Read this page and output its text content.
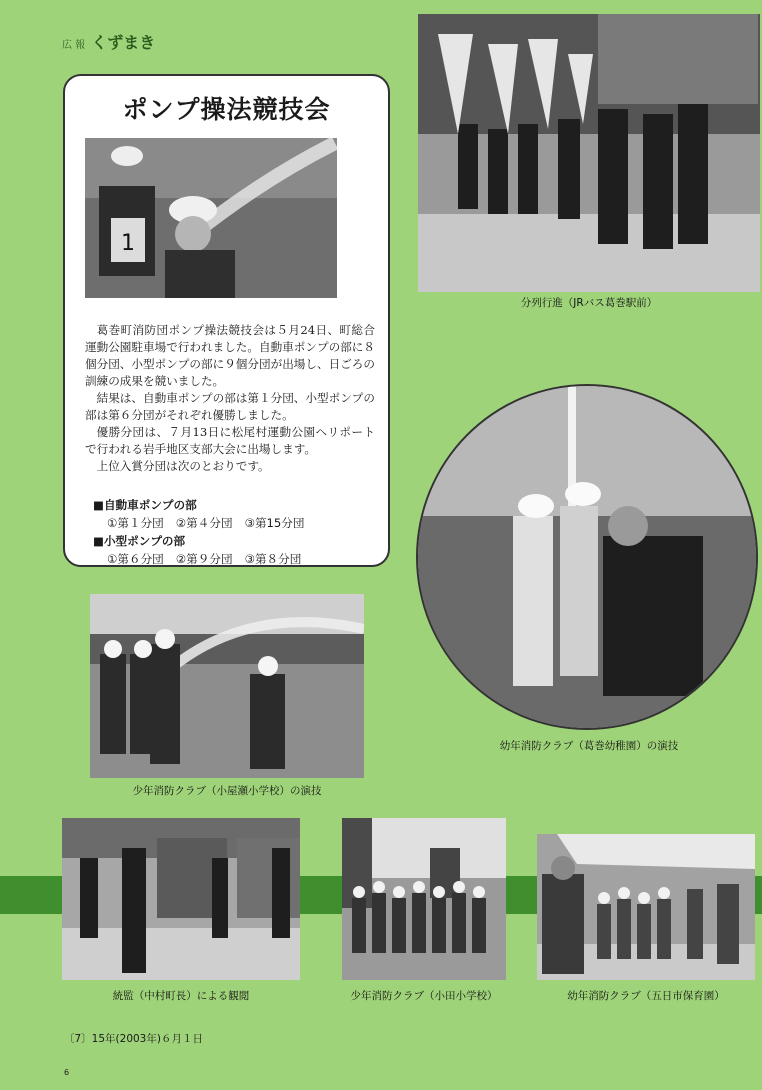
広 報 くずまき
ポンプ操法競技会
1

葛巻町消防団ポンプ操法競技会は５月24日、町総合運動公園駐車場で行われました。自動車ポンプの部に８個分団、小型ポンプの部に９個分団が出場し、日ごろの訓練の成果を競いました。

結果は、自動車ポンプの部は第１分団、小型ポンプの部は第６分団がそれぞれ優勝しました。

優勝分団は、７月13日に松尾村運動公園ヘリポートで行われる岩手地区支部大会に出場します。

上位入賞分団は次のとおりです。

■自動車ポンプの部
①第１分団 ②第４分団 ③第15分団
■小型ポンプの部
①第６分団 ②第９分団 ③第８分団
分列行進（JRバス葛巻駅前）
幼年消防クラブ（葛巻幼稚園）の演技
少年消防クラブ（小屋瀬小学校）の演技
統監（中村町長）による観閲	少年消防クラブ（小田小学校）	幼年消防クラブ（五日市保育園）
〔7〕15年(2003年)６月１日
6
